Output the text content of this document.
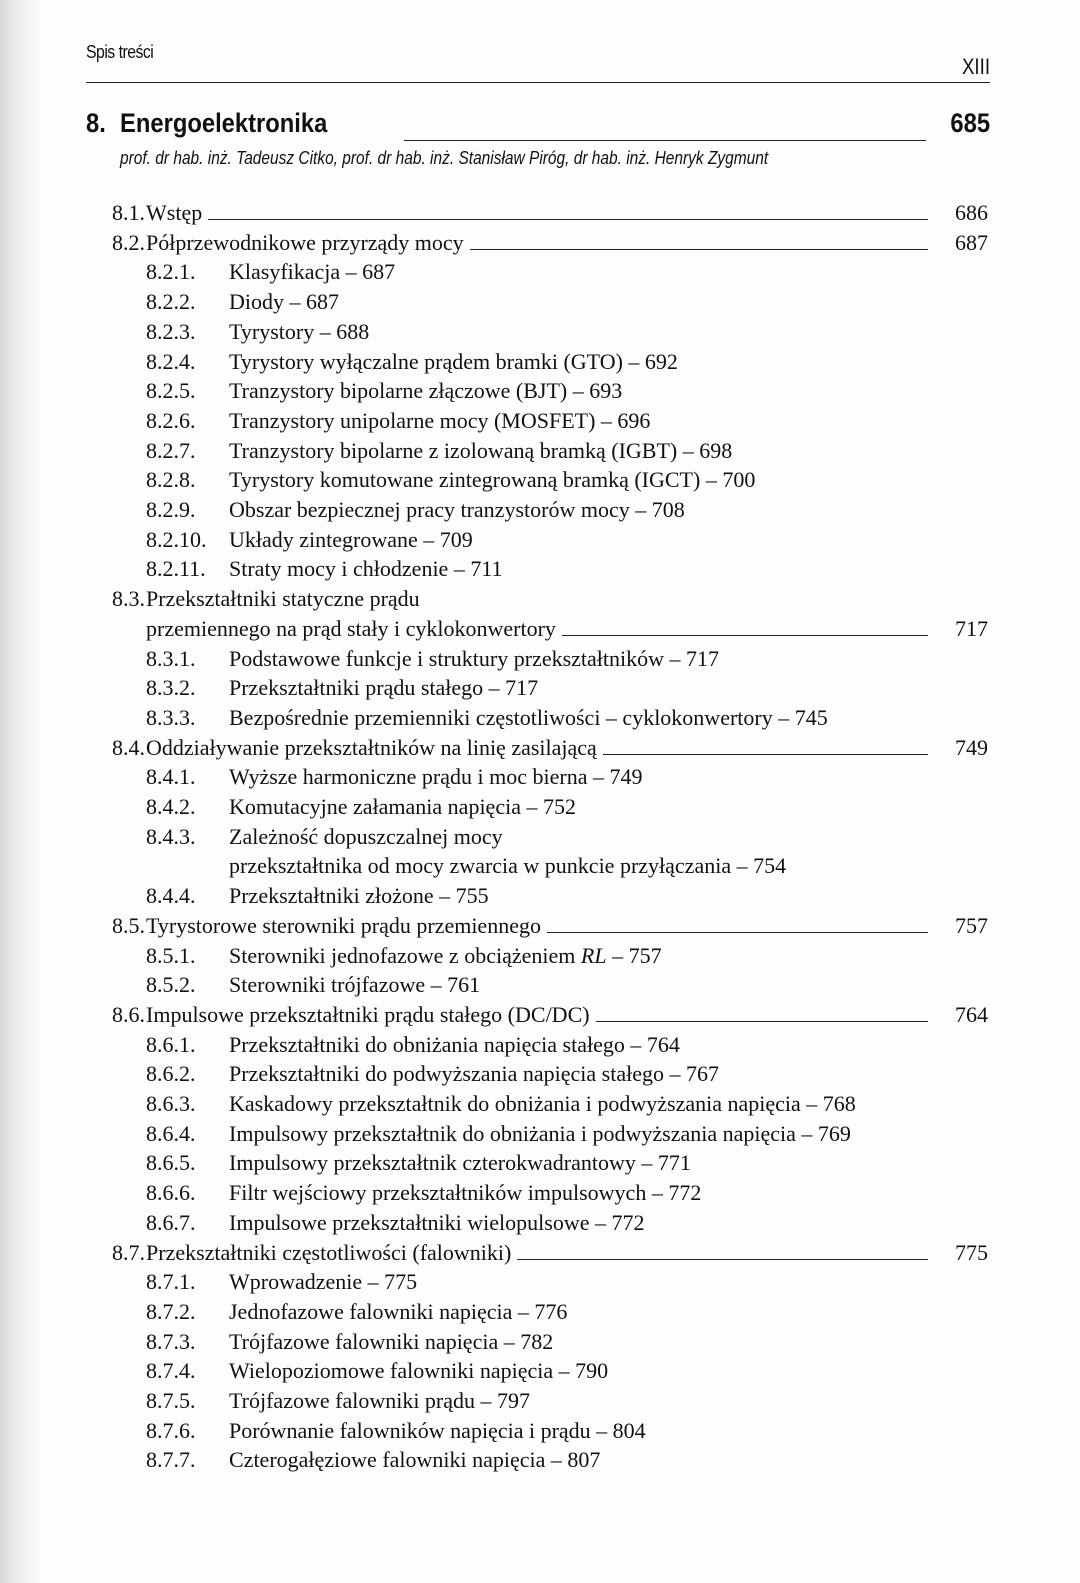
Spis treści
XIII
8. Energoelektronika	685
prof. dr hab. inż. Tadeusz Citko, prof. dr hab. inż. Stanisław Piróg, dr hab. inż. Henryk Zygmunt
8.1. Wstęp	686
8.2. Półprzewodnikowe przyrządy mocy	687
8.2.1. Klasyfikacja – 687
8.2.2. Diody – 687
8.2.3. Tyrystory – 688
8.2.4. Tyrystory wyłączalne prądem bramki (GTO) – 692
8.2.5. Tranzystory bipolarne złączowe (BJT) – 693
8.2.6. Tranzystory unipolarne mocy (MOSFET) – 696
8.2.7. Tranzystory bipolarne z izolowaną bramką (IGBT) – 698
8.2.8. Tyrystory komutowane zintegrowaną bramką (IGCT) – 700
8.2.9. Obszar bezpiecznej pracy tranzystorów mocy – 708
8.2.10. Układy zintegrowane – 709
8.2.11. Straty mocy i chłodzenie – 711
8.3. Przekształtniki statyczne prądu
przemiennego na prąd stały i cyklokonwertory	717
8.3.1. Podstawowe funkcje i struktury przekształtników – 717
8.3.2. Przekształtniki prądu stałego – 717
8.3.3. Bezpośrednie przemienniki częstotliwości – cyklokonwertory – 745
8.4. Oddziaływanie przekształtników na linię zasilającą	749
8.4.1. Wyższe harmoniczne prądu i moc bierna – 749
8.4.2. Komutacyjne załamania napięcia – 752
8.4.3. Zależność dopuszczalnej mocy
przekształtnika od mocy zwarcia w punkcie przyłączania – 754
8.4.4. Przekształtniki złożone – 755
8.5. Tyrystorowe sterowniki prądu przemiennego	757
8.5.1. Sterowniki jednofazowe z obciążeniem RL – 757
8.5.2. Sterowniki trójfazowe – 761
8.6. Impulsowe przekształtniki prądu stałego (DC/DC)	764
8.6.1. Przekształtniki do obniżania napięcia stałego – 764
8.6.2. Przekształtniki do podwyższania napięcia stałego – 767
8.6.3. Kaskadowy przekształtnik do obniżania i podwyższania napięcia – 768
8.6.4. Impulsowy przekształtnik do obniżania i podwyższania napięcia – 769
8.6.5. Impulsowy przekształtnik czterokwadrantowy – 771
8.6.6. Filtr wejściowy przekształtników impulsowych – 772
8.6.7. Impulsowe przekształtniki wielopulsowe – 772
8.7. Przekształtniki częstotliwości (falowniki)	775
8.7.1. Wprowadzenie – 775
8.7.2. Jednofazowe falowniki napięcia – 776
8.7.3. Trójfazowe falowniki napięcia – 782
8.7.4. Wielopoziomowe falowniki napięcia – 790
8.7.5. Trójfazowe falowniki prądu – 797
8.7.6. Porównanie falowników napięcia i prądu – 804
8.7.7. Czterogałęziowe falowniki napięcia – 807
